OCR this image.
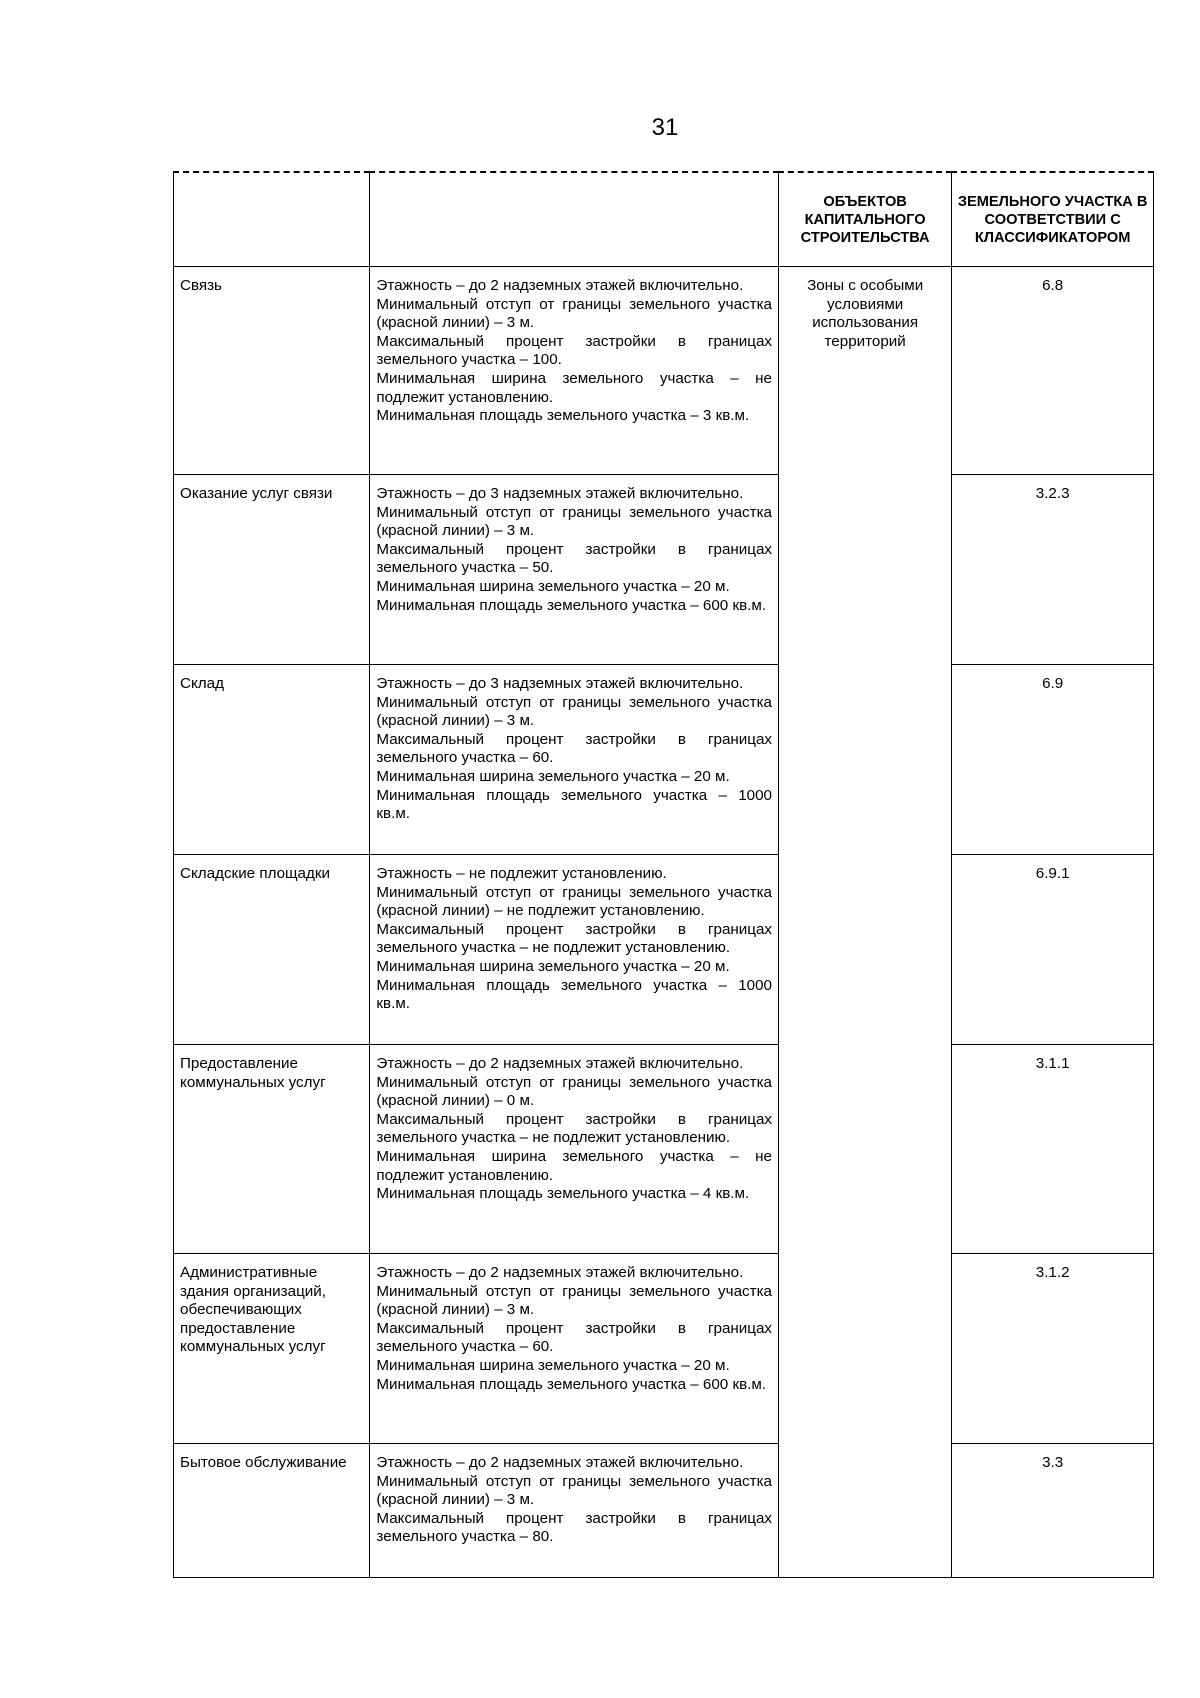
31
		ОБЪЕКТОВ КАПИТАЛЬНОГО СТРОИТЕЛЬСТВА	ЗЕМЕЛЬНОГО УЧАСТКА В СООТВЕТСТВИИ С КЛАССИФИКАТОРОМ
Связь	Этажность – до 2 надземных этажей включительно.
Минимальный отступ от границы земельного участка (красной линии) – 3 м.
Максимальный процент застройки в границах земельного участка – 100.
Минимальная ширина земельного участка – не подлежит установлению.
Минимальная площадь земельного участка – 3 кв.м.	Зоны с особыми условиями использования территорий	6.8
Оказание услуг связи	Этажность – до 3 надземных этажей включительно.
Минимальный отступ от границы земельного участка (красной линии) – 3 м.
Максимальный процент застройки в границах земельного участка – 50.
Минимальная ширина земельного участка – 20 м.
Минимальная площадь земельного участка – 600 кв.м.		3.2.3
Склад	Этажность – до 3 надземных этажей включительно.
Минимальный отступ от границы земельного участка (красной линии) – 3 м.
Максимальный процент застройки в границах земельного участка – 60.
Минимальная ширина земельного участка – 20 м.
Минимальная площадь земельного участка – 1000 кв.м.		6.9
Складские площадки	Этажность – не подлежит установлению.
Минимальный отступ от границы земельного участка (красной линии) – не подлежит установлению.
Максимальный процент застройки в границах земельного участка – не подлежит установлению.
Минимальная ширина земельного участка – 20 м.
Минимальная площадь земельного участка – 1000 кв.м.		6.9.1
Предоставление коммунальных услуг	Этажность – до 2 надземных этажей включительно.
Минимальный отступ от границы земельного участка (красной линии) – 0 м.
Максимальный процент застройки в границах земельного участка – не подлежит установлению.
Минимальная ширина земельного участка – не подлежит установлению.
Минимальная площадь земельного участка – 4 кв.м.		3.1.1
Административные здания организаций, обеспечивающих предоставление коммунальных услуг	Этажность – до 2 надземных этажей включительно.
Минимальный отступ от границы земельного участка (красной линии) – 3 м.
Максимальный процент застройки в границах земельного участка – 60.
Минимальная ширина земельного участка – 20 м.
Минимальная площадь земельного участка – 600 кв.м.		3.1.2
Бытовое обслуживание	Этажность – до 2 надземных этажей включительно.
Минимальный отступ от границы земельного участка (красной линии) – 3 м.
Максимальный процент застройки в границах земельного участка – 80.		3.3
